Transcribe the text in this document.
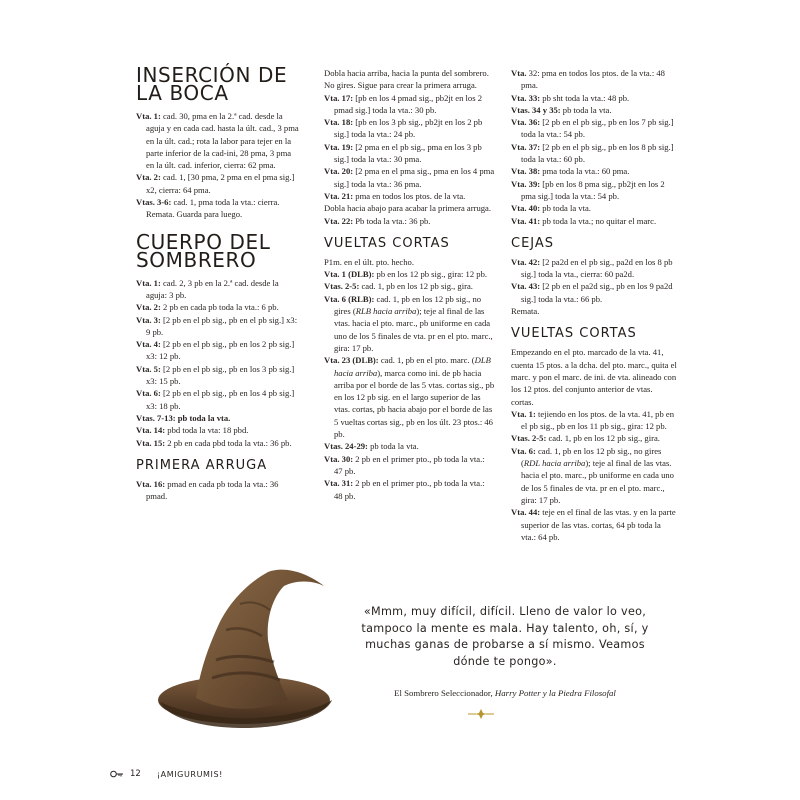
INSERCIÓN DE
LA BOCA

Vta. 1: cad. 30, pma en la 2.ª cad. desde la aguja y en cada cad. hasta la últ. cad., 3 pma en la últ. cad.; rota la labor para tejer en la parte inferior de la cad-ini, 28 pma, 3 pma en la últ. cad. inferior, cierra: 62 pma.

Vta. 2: cad. 1, [30 pma, 2 pma en el pma sig.] x2, cierra: 64 pma.

Vtas. 3-6: cad. 1, pma toda la vta.: cierra. Remata. Guarda para luego.

CUERPO DEL
SOMBRERO

Vta. 1: cad. 2, 3 pb en la 2.ª cad. desde la aguja: 3 pb.

Vta. 2: 2 pb en cada pb toda la vta.: 6 pb.

Vta. 3: [2 pb en el pb sig., pb en el pb sig.] x3: 9 pb.

Vta. 4: [2 pb en el pb sig., pb en los 2 pb sig.] x3: 12 pb.

Vta. 5: [2 pb en el pb sig., pb en los 3 pb sig.] x3: 15 pb.

Vta. 6: [2 pb en el pb sig., pb en los 4 pb sig.] x3: 18 pb.

Vtas. 7-13: pb toda la vta.

Vta. 14: pbd toda la vta: 18 pbd.

Vta. 15: 2 pb en cada pbd toda la vta.: 36 pb.

PRIMERA ARRUGA

Vta. 16: pmad en cada pb toda la vta.: 36 pmad.

Dobla hacia arriba, hacia la punta del sombrero. No gires. Sigue para crear la primera arruga.

Vta. 17: [pb en los 4 pmad sig., pb2jt en los 2 pmad sig.] toda la vta.: 30 pb.

Vta. 18: [pb en los 3 pb sig., pb2jt en los 2 pb sig.] toda la vta.: 24 pb.

Vta. 19: [2 pma en el pb sig., pma en los 3 pb sig.] toda la vta.: 30 pma.

Vta. 20: [2 pma en el pma sig., pma en los 4 pma sig.] toda la vta.: 36 pma.

Vta. 21: pma en todos los ptos. de la vta.

Dobla hacia abajo para acabar la primera arruga.

Vta. 22: Pb toda la vta.: 36 pb.

VUELTAS CORTAS

P1m. en el últ. pto. hecho.

Vta. 1 (DLB): pb en los 12 pb sig., gira: 12 pb.

Vtas. 2-5: cad. 1, pb en los 12 pb sig., gira.

Vta. 6 (RLB): cad. 1, pb en los 12 pb sig., no gires (RLB hacia arriba); teje al final de las vtas. hacia el pto. marc., pb uniforme en cada uno de los 5 finales de vta. pr en el pto. marc., gira: 17 pb.

Vta. 23 (DLB): cad. 1, pb en el pto. marc. (DLB hacia arriba), marca como ini. de pb hacia arriba por el borde de las 5 vtas. cortas sig., pb en los 12 pb sig. en el largo superior de las vtas. cortas, pb hacia abajo por el borde de las 5 vueltas cortas sig., pb en los últ. 23 ptos.: 46 pb.

Vtas. 24-29: pb toda la vta.

Vta. 30: 2 pb en el primer pto., pb toda la vta.: 47 pb.

Vta. 31: 2 pb en el primer pto., pb toda la vta.: 48 pb.

Vta. 32: pma en todos los ptos. de la vta.: 48 pma.

Vta. 33: pb sht toda la vta.: 48 pb.

Vtas. 34 y 35: pb toda la vta.

Vta. 36: [2 pb en el pb sig., pb en los 7 pb sig.] toda la vta.: 54 pb.

Vta. 37: [2 pb en el pb sig., pb en los 8 pb sig.] toda la vta.: 60 pb.

Vta. 38: pma toda la vta.: 60 pma.

Vta. 39: [pb en los 8 pma sig., pb2jt en los 2 pma sig.] toda la vta.: 54 pb.

Vta. 40: pb toda la vta.

Vta. 41: pb toda la vta.; no quitar el marc.

CEJAS

Vta. 42: [2 pa2d en el pb sig., pa2d en los 8 pb sig.] toda la vta., cierra: 60 pa2d.

Vta. 43: [2 pb en el pa2d sig., pb en los 9 pa2d sig.] toda la vta.: 66 pb.

Remata.

VUELTAS CORTAS

Empezando en el pto. marcado de la vta. 41, cuenta 15 ptos. a la dcha. del pto. marc., quita el marc. y pon el marc. de ini. de vta. alineado con los 12 ptos. del conjunto anterior de vtas. cortas.

Vta. 1: tejiendo en los ptos. de la vta. 41, pb en el pb sig., pb en los 11 pb sig., gira: 12 pb.

Vtas. 2-5: cad. 1, pb en los 12 pb sig., gira.

Vta. 6: cad. 1, pb en los 12 pb sig., no gires (RDL hacia arriba); teje al final de las vtas. hacia el pto. marc., pb uniforme en cada uno de los 5 finales de vta. pr en el pto. marc., gira: 17 pb.

Vta. 44: teje en el final de las vtas. y en la parte superior de las vtas. cortas, 64 pb toda la vta.: 64 pb.

«Mmm, muy difícil, difícil. Lleno de valor lo veo, tampoco la mente es mala. Hay talento, oh, sí, y muchas ganas de probarse a sí mismo. Veamos dónde te pongo».
El Sombrero Seleccionador, Harry Potter y la Piedra Filosofal
12 ¡AMIGURUMIS!
